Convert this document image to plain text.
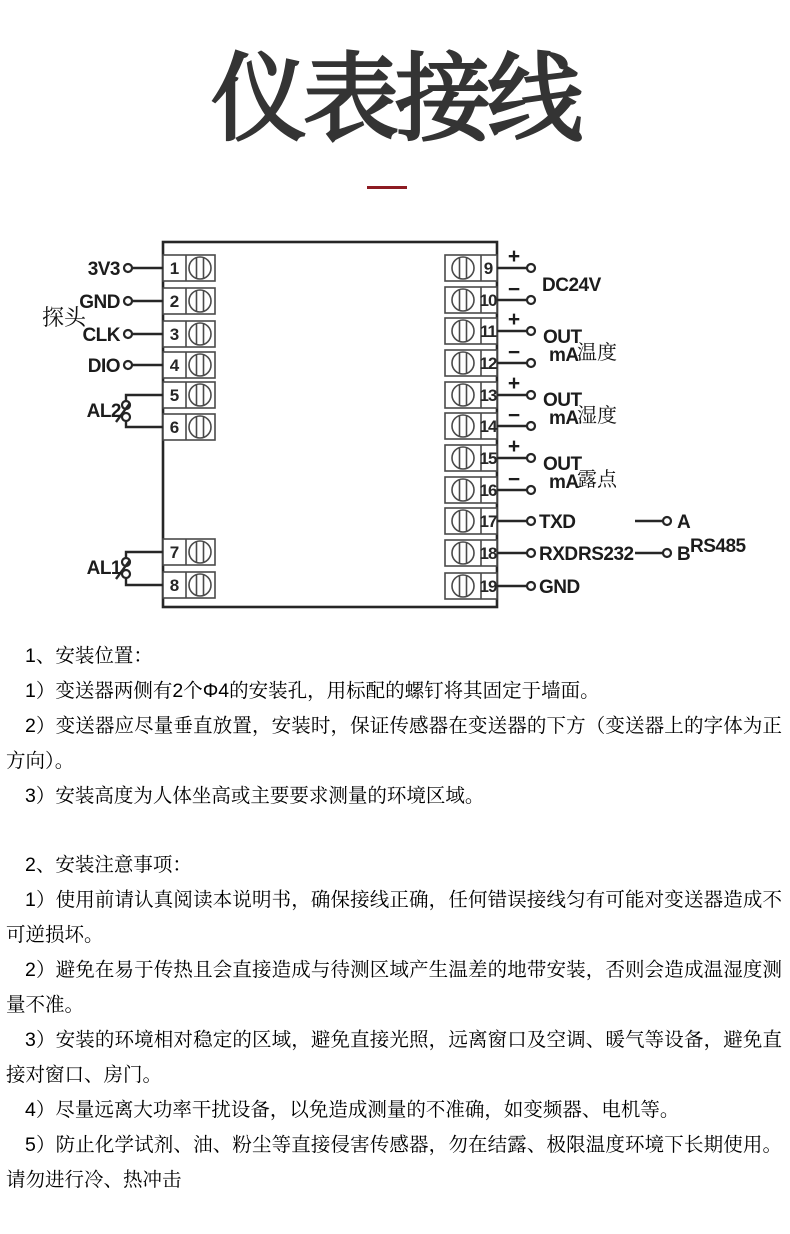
仪表接线
1
2
3
4
5
6
7
8
9
10
11
12
13
14
15
16
17
18
19
3V3
GND
CLK
DIO
探头
AL2
AL1
+
−
+
−
+
−
+
−
DC24V
OUT
mA
温度
OUT
mA
湿度
OUT
mA
露点
TXD
RXD RS232
GND
A
B RS485

1、安装位置：

1）变送器两侧有2个Φ4的安装孔，用标配的螺钉将其固定于墙面。

2）变送器应尽量垂直放置，安装时，保证传感器在变送器的下方（变送器上的字体为正方向）。

3）安装高度为人体坐高或主要要求测量的环境区域。

2、安装注意事项：

1）使用前请认真阅读本说明书，确保接线正确，任何错误接线匀有可能对变送器造成不可逆损坏。

2）避免在易于传热且会直接造成与待测区域产生温差的地带安装，否则会造成温湿度测量不准。

3）安装的环境相对稳定的区域，避免直接光照，远离窗口及空调、暖气等设备，避免直接对窗口、房门。

4）尽量远离大功率干扰设备，以免造成测量的不准确，如变频器、电机等。

5）防止化学试剂、油、粉尘等直接侵害传感器，勿在结露、极限温度环境下长期使用。请勿进行冷、热冲击
